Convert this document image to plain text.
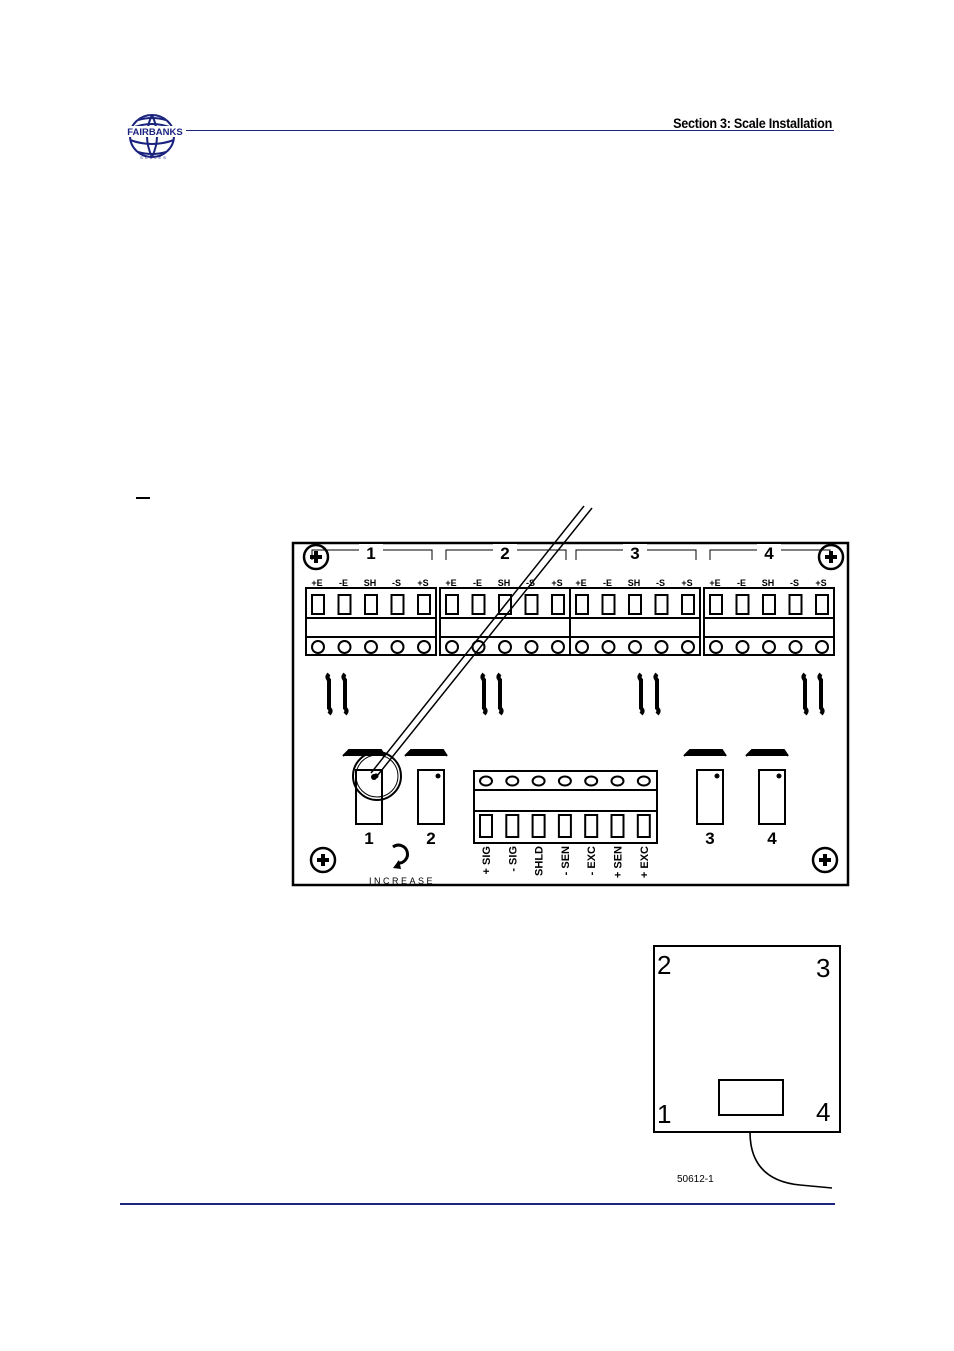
FAIRBANKS
SCALES
Section 3: Scale Installation
1
+E -E SH -S +S
2
+E -E SH -S +S
3
+E -E SH -S +S
4
+E -E SH -S +S
1	2	3	4
INCREASE
+ SIG - SIG SHLD - SEN - EXC + SEN + EXC
2	3
1	4
50612-1
